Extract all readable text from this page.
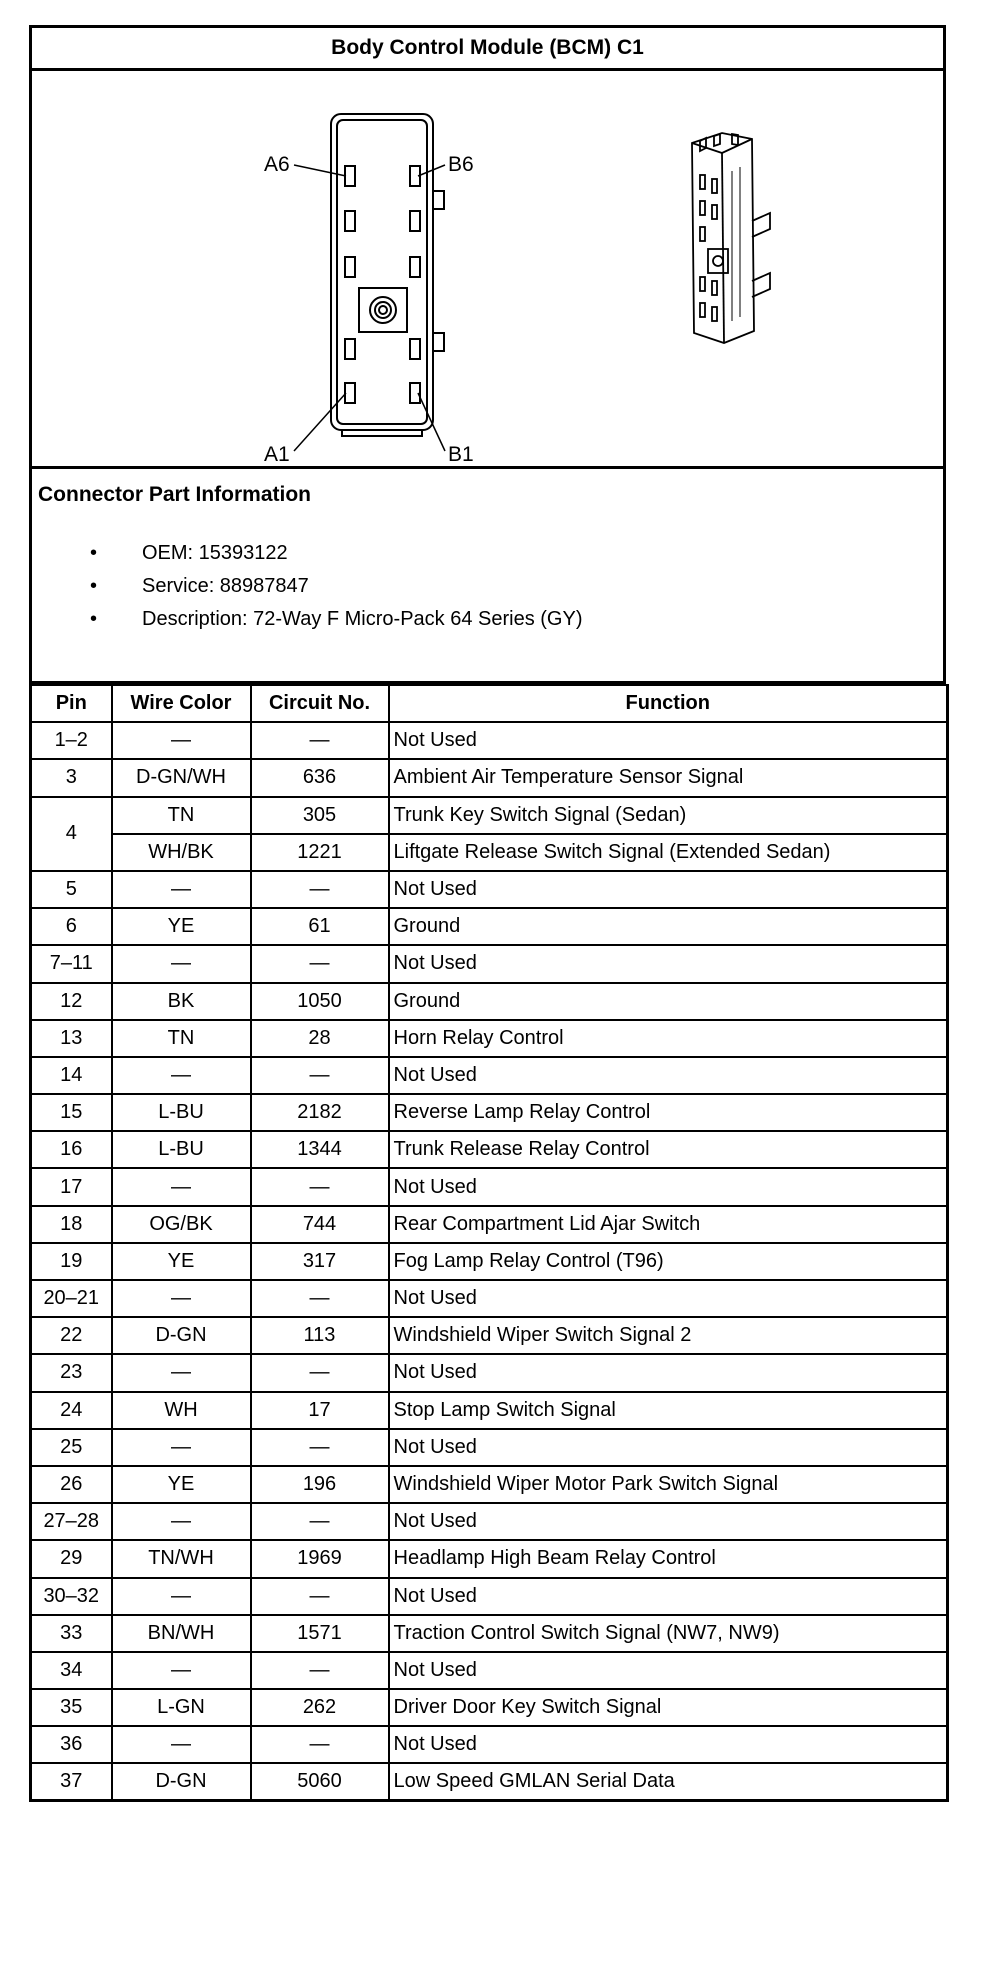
Body Control Module (BCM) C1
A6	B6
A1	B1
Connector Part Information
• OEM: 15393122
• Service: 88987847
• Description: 72-Way F Micro-Pack 64 Series (GY)
Pin	Wire Color	Circuit No.	Function
1–2	—	—	Not Used
3	D-GN/WH	636	Ambient Air Temperature Sensor Signal
4	TN	305	Trunk Key Switch Signal (Sedan)
	WH/BK	1221	Liftgate Release Switch Signal (Extended Sedan)
5	—	—	Not Used
6	YE	61	Ground
7–11	—	—	Not Used
12	BK	1050	Ground
13	TN	28	Horn Relay Control
14	—	—	Not Used
15	L-BU	2182	Reverse Lamp Relay Control
16	L-BU	1344	Trunk Release Relay Control
17	—	—	Not Used
18	OG/BK	744	Rear Compartment Lid Ajar Switch
19	YE	317	Fog Lamp Relay Control (T96)
20–21	—	—	Not Used
22	D-GN	113	Windshield Wiper Switch Signal 2
23	—	—	Not Used
24	WH	17	Stop Lamp Switch Signal
25	—	—	Not Used
26	YE	196	Windshield Wiper Motor Park Switch Signal
27–28	—	—	Not Used
29	TN/WH	1969	Headlamp High Beam Relay Control
30–32	—	—	Not Used
33	BN/WH	1571	Traction Control Switch Signal (NW7, NW9)
34	—	—	Not Used
35	L-GN	262	Driver Door Key Switch Signal
36	—	—	Not Used
37	D-GN	5060	Low Speed GMLAN Serial Data
